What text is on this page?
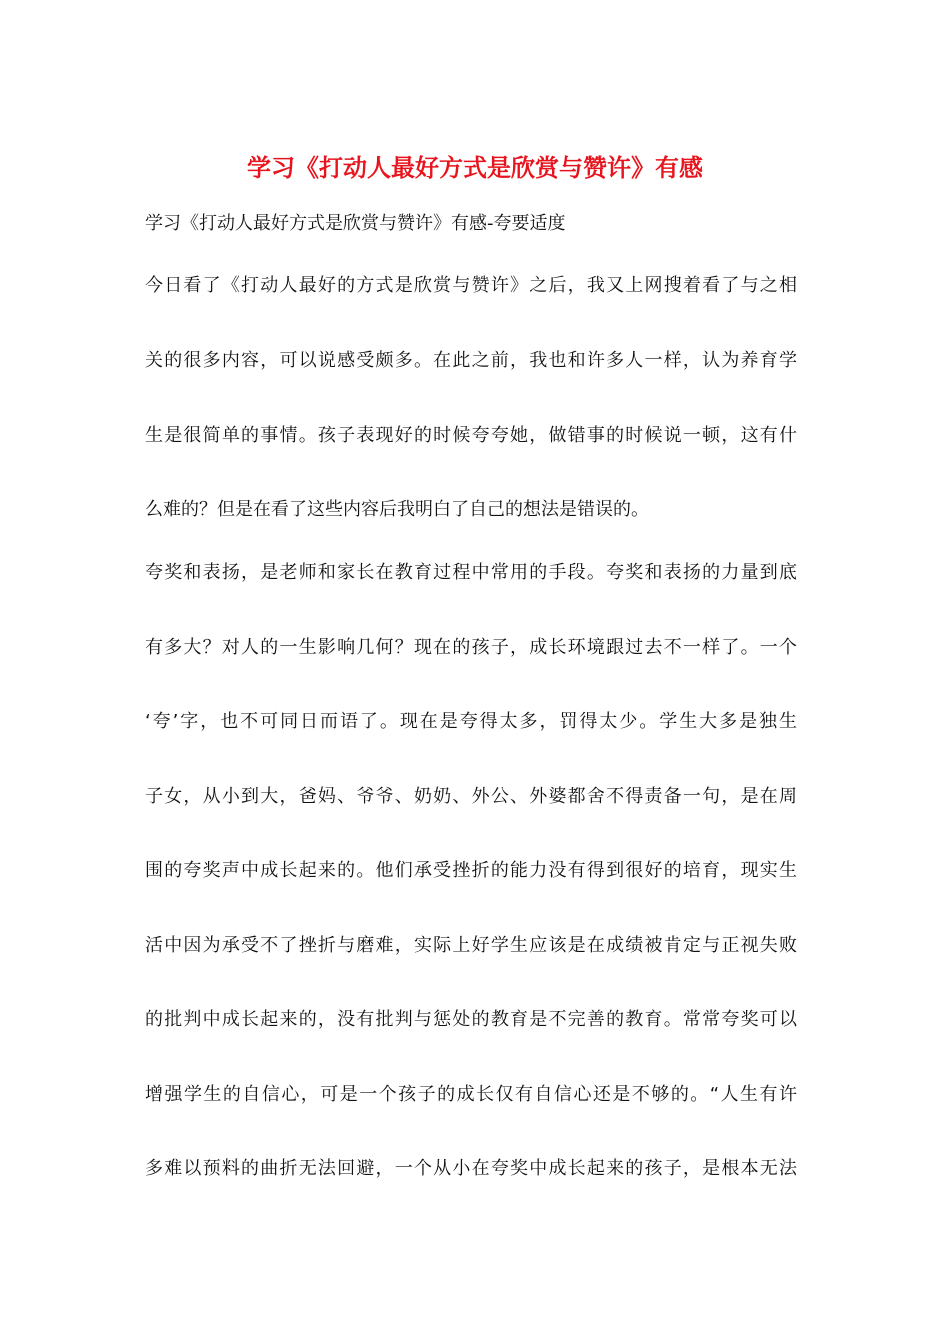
学习《打动人最好方式是欣赏与赞许》有感
学习《打动人最好方式是欣赏与赞许》有感-夸要适度
今日看了《打动人最好的方式是欣赏与赞许》之后，我又上网搜着看了与之相
关的很多内容，可以说感受颇多。在此之前，我也和许多人一样，认为养育学
生是很简单的事情。孩子表现好的时候夸夸她，做错事的时候说一顿，这有什
么难的？但是在看了这些内容后我明白了自己的想法是错误的。
夸奖和表扬，是老师和家长在教育过程中常用的手段。夸奖和表扬的力量到底
有多大？对人的一生影响几何？现在的孩子，成长环境跟过去不一样了。一个
‘夸’字，也不可同日而语了。现在是夸得太多，罚得太少。学生大多是独生
子女，从小到大，爸妈、爷爷、奶奶、外公、外婆都舍不得责备一句，是在周
围的夸奖声中成长起来的。他们承受挫折的能力没有得到很好的培育，现实生
活中因为承受不了挫折与磨难，实际上好学生应该是在成绩被肯定与正视失败
的批判中成长起来的，没有批判与惩处的教育是不完善的教育。常常夸奖可以
增强学生的自信心，可是一个孩子的成长仅有自信心还是不够的。“人生有许
多难以预料的曲折无法回避，一个从小在夸奖中成长起来的孩子，是根本无法
